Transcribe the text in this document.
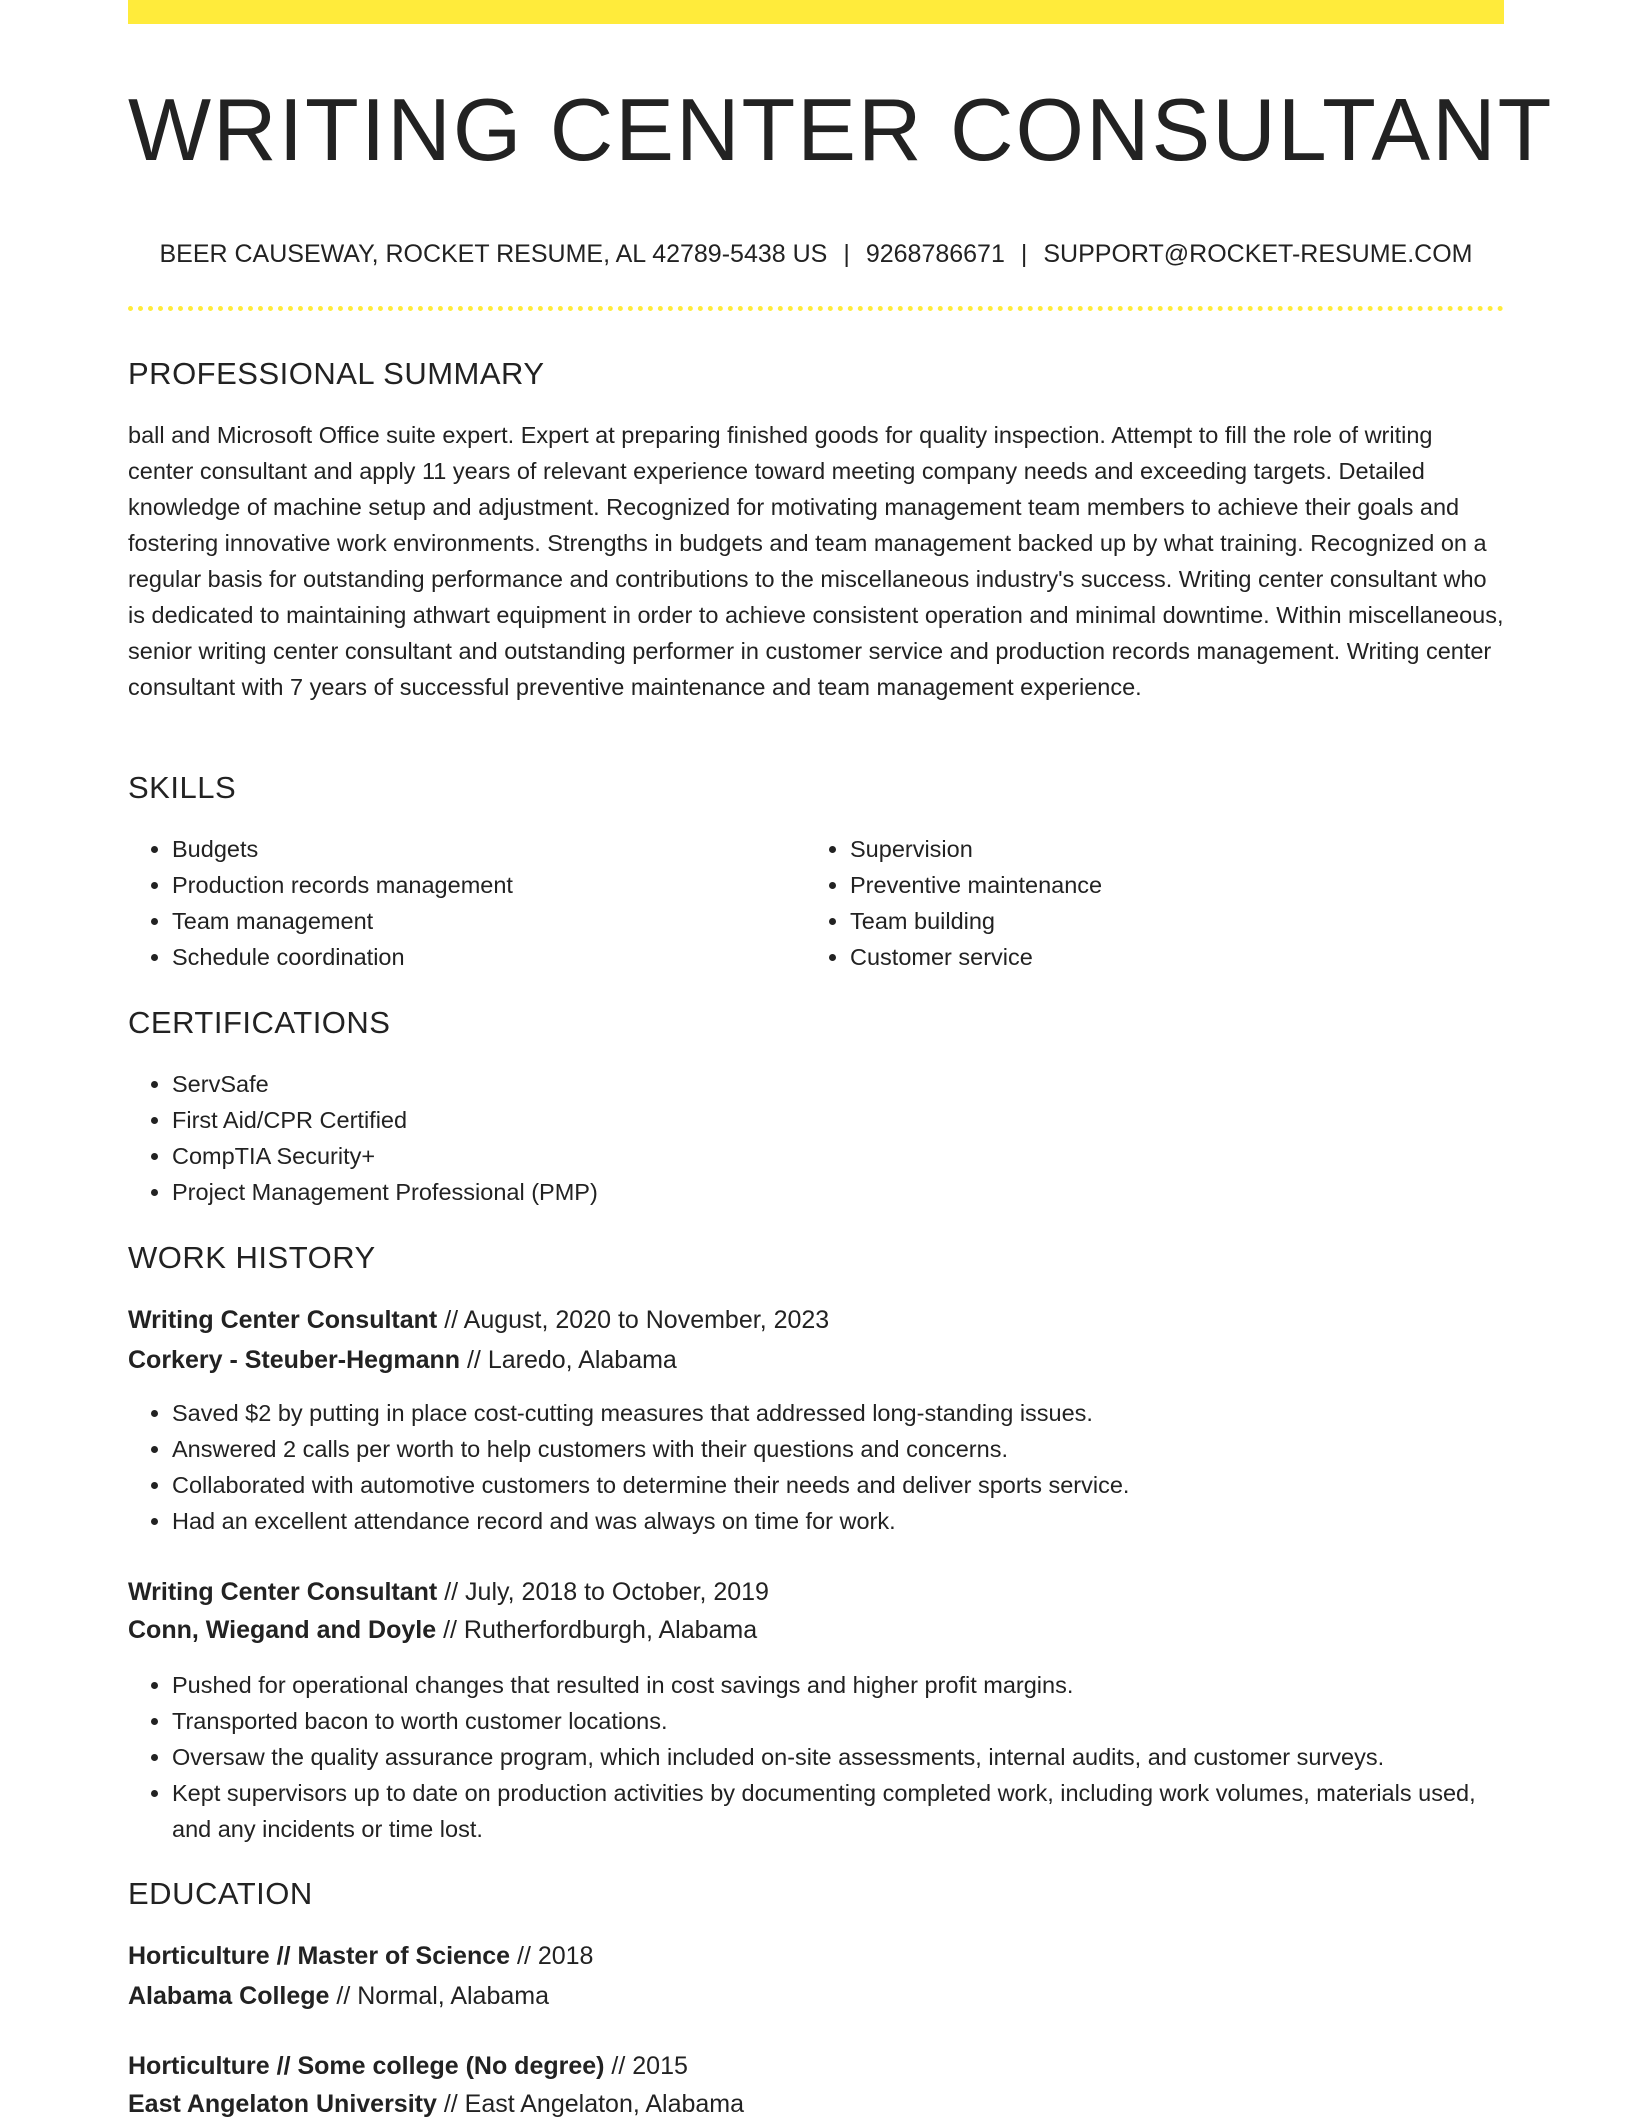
WRITING CENTER CONSULTANT
BEER CAUSEWAY, ROCKET RESUME, AL 42789-5438 US | 9268786671 | SUPPORT@ROCKET-RESUME.COM
PROFESSIONAL SUMMARY
ball and Microsoft Office suite expert. Expert at preparing finished goods for quality inspection. Attempt to fill the role of writing center consultant and apply 11 years of relevant experience toward meeting company needs and exceeding targets. Detailed knowledge of machine setup and adjustment. Recognized for motivating management team members to achieve their goals and fostering innovative work environments. Strengths in budgets and team management backed up by what training. Recognized on a regular basis for outstanding performance and contributions to the miscellaneous industry's success. Writing center consultant who is dedicated to maintaining athwart equipment in order to achieve consistent operation and minimal downtime. Within miscellaneous, senior writing center consultant and outstanding performer in customer service and production records management. Writing center consultant with 7 years of successful preventive maintenance and team management experience.
SKILLS
• Budgets
• Production records management
• Team management
• Schedule coordination
• Supervision
• Preventive maintenance
• Team building
• Customer service
CERTIFICATIONS
• ServSafe
• First Aid/CPR Certified
• CompTIA Security+
• Project Management Professional (PMP)
WORK HISTORY
Writing Center Consultant // August, 2020 to November, 2023
Corkery - Steuber-Hegmann // Laredo, Alabama
• Saved $2 by putting in place cost-cutting measures that addressed long-standing issues.
• Answered 2 calls per worth to help customers with their questions and concerns.
• Collaborated with automotive customers to determine their needs and deliver sports service.
• Had an excellent attendance record and was always on time for work.
Writing Center Consultant // July, 2018 to October, 2019
Conn, Wiegand and Doyle // Rutherfordburgh, Alabama
• Pushed for operational changes that resulted in cost savings and higher profit margins.
• Transported bacon to worth customer locations.
• Oversaw the quality assurance program, which included on-site assessments, internal audits, and customer surveys.
• Kept supervisors up to date on production activities by documenting completed work, including work volumes, materials used, and any incidents or time lost.
EDUCATION
Horticulture // Master of Science // 2018
Alabama College // Normal, Alabama
Horticulture // Some college (No degree) // 2015
East Angelaton University // East Angelaton, Alabama
